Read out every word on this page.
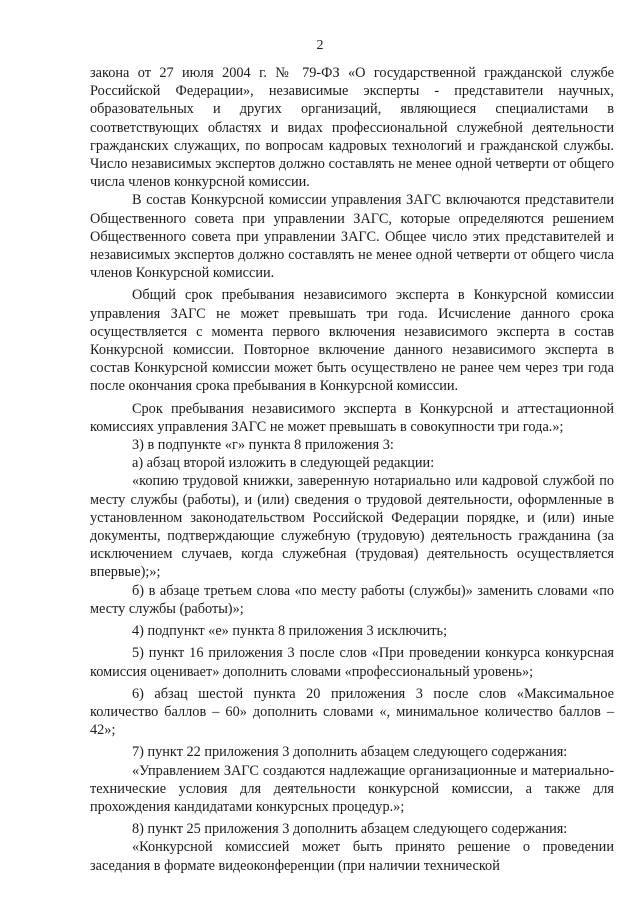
2

закона от 27 июля 2004 г. № 79-ФЗ «О государственной гражданской службе Российской Федерации», независимые эксперты - представители научных, образовательных и других организаций, являющиеся специалистами в соответствующих областях и видах профессиональной служебной деятельности гражданских служащих, по вопросам кадровых технологий и гражданской службы. Число независимых экспертов должно составлять не менее одной четверти от общего числа членов конкурсной комиссии.

В состав Конкурсной комиссии управления ЗАГС включаются представители Общественного совета при управлении ЗАГС, которые определяются решением Общественного совета при управлении ЗАГС. Общее число этих представителей и независимых экспертов должно составлять не менее одной четверти от общего числа членов Конкурсной комиссии.

Общий срок пребывания независимого эксперта в Конкурсной комиссии управления ЗАГС не может превышать три года. Исчисление данного срока осуществляется с момента первого включения независимого эксперта в состав Конкурсной комиссии. Повторное включение данного независимого эксперта в состав Конкурсной комиссии может быть осуществлено не ранее чем через три года после окончания срока пребывания в Конкурсной комиссии.

Срок пребывания независимого эксперта в Конкурсной и аттестационной комиссиях управления ЗАГС не может превышать в совокупности три года.»;

3) в подпункте «г» пункта 8 приложения 3:

а) абзац второй изложить в следующей редакции:

«копию трудовой книжки, заверенную нотариально или кадровой службой по месту службы (работы), и (или) сведения о трудовой деятельности, оформленные в установленном законодательством Российской Федерации порядке, и (или) иные документы, подтверждающие служебную (трудовую) деятельность гражданина (за исключением случаев, когда служебная (трудовая) деятельность осуществляется впервые);»;

б) в абзаце третьем слова «по месту работы (службы)» заменить словами «по месту службы (работы)»;

4) подпункт «е» пункта 8 приложения 3 исключить;

5) пункт 16 приложения 3 после слов «При проведении конкурса конкурсная комиссия оценивает» дополнить словами «профессиональный уровень»;

6) абзац шестой пункта 20 приложения 3 после слов «Максимальное количество баллов – 60» дополнить словами «, минимальное количество баллов – 42»;

7) пункт 22 приложения 3 дополнить абзацем следующего содержания:

«Управлением ЗАГС создаются надлежащие организационные и материально-технические условия для деятельности конкурсной комиссии, а также для прохождения кандидатами конкурсных процедур.»;

8) пункт 25 приложения 3 дополнить абзацем следующего содержания:

«Конкурсной комиссией может быть принято решение о проведении заседания в формате видеоконференции (при наличии технической
